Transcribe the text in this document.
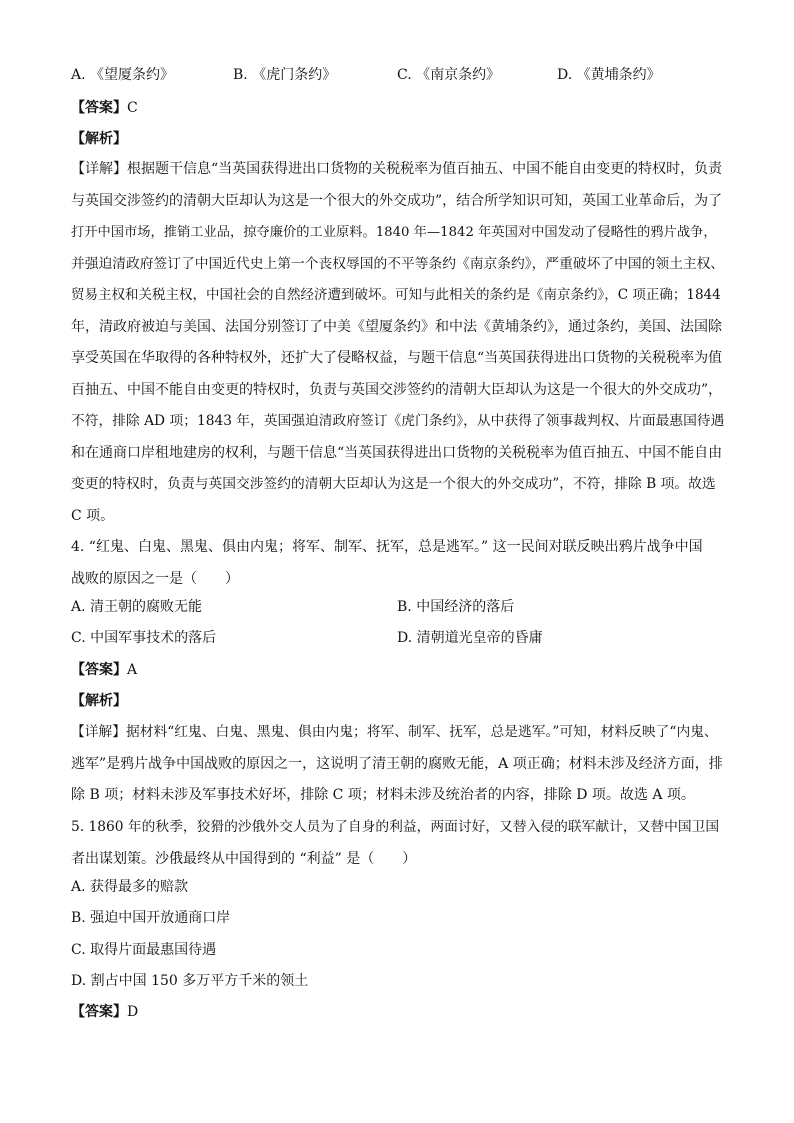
A. 《望厦条约》	B. 《虎门条约》	C. 《南京条约》	D. 《黄埔条约》
【答案】C
【解析】
【详解】根据题干信息“当英国获得进出口货物的关税税率为值百抽五、中国不能自由变更的特权时，负责
与英国交涉签约的清朝大臣却认为这是一个很大的外交成功”，结合所学知识可知，英国工业革命后，为了
打开中国市场，推销工业品，掠夺廉价的工业原料。1840 年—1842 年英国对中国发动了侵略性的鸦片战争，
并强迫清政府签订了中国近代史上第一个丧权辱国的不平等条约《南京条约》，严重破坏了中国的领土主权、
贸易主权和关税主权，中国社会的自然经济遭到破坏。可知与此相关的条约是《南京条约》，C 项正确；1844
年，清政府被迫与美国、法国分别签订了中美《望厦条约》和中法《黄埔条约》，通过条约，美国、法国除
享受英国在华取得的各种特权外，还扩大了侵略权益，与题干信息“当英国获得进出口货物的关税税率为值
百抽五、中国不能自由变更的特权时，负责与英国交涉签约的清朝大臣却认为这是一个很大的外交成功”，
不符，排除 AD 项；1843 年，英国强迫清政府签订《虎门条约》，从中获得了领事裁判权、片面最惠国待遇
和在通商口岸租地建房的权利，与题干信息“当英国获得进出口货物的关税税率为值百抽五、中国不能自由
变更的特权时，负责与英国交涉签约的清朝大臣却认为这是一个很大的外交成功”，不符，排除 B 项。故选
C 项。
4. “红鬼、白鬼、黑鬼、俱由内鬼；将军、制军、抚军，总是逃军。” 这一民间对联反映出鸦片战争中国
战败的原因之一是（　　）
A. 清王朝的腐败无能	B. 中国经济的落后
C. 中国军事技术的落后	D. 清朝道光皇帝的昏庸
【答案】A
【解析】
【详解】据材料“红鬼、白鬼、黑鬼、俱由内鬼；将军、制军、抚军，总是逃军。”可知，材料反映了“内鬼、
逃军”是鸦片战争中国战败的原因之一，这说明了清王朝的腐败无能，A 项正确；材料未涉及经济方面，排
除 B 项；材料未涉及军事技术好坏，排除 C 项；材料未涉及统治者的内容，排除 D 项。故选 A 项。
5. 1860 年的秋季，狡猾的沙俄外交人员为了自身的利益，两面讨好，又替入侵的联军献计，又替中国卫国
者出谋划策。沙俄最终从中国得到的 “利益” 是（　　）
A. 获得最多的赔款
B. 强迫中国开放通商口岸
C. 取得片面最惠国待遇
D. 割占中国 150 多万平方千米的领土
【答案】D
